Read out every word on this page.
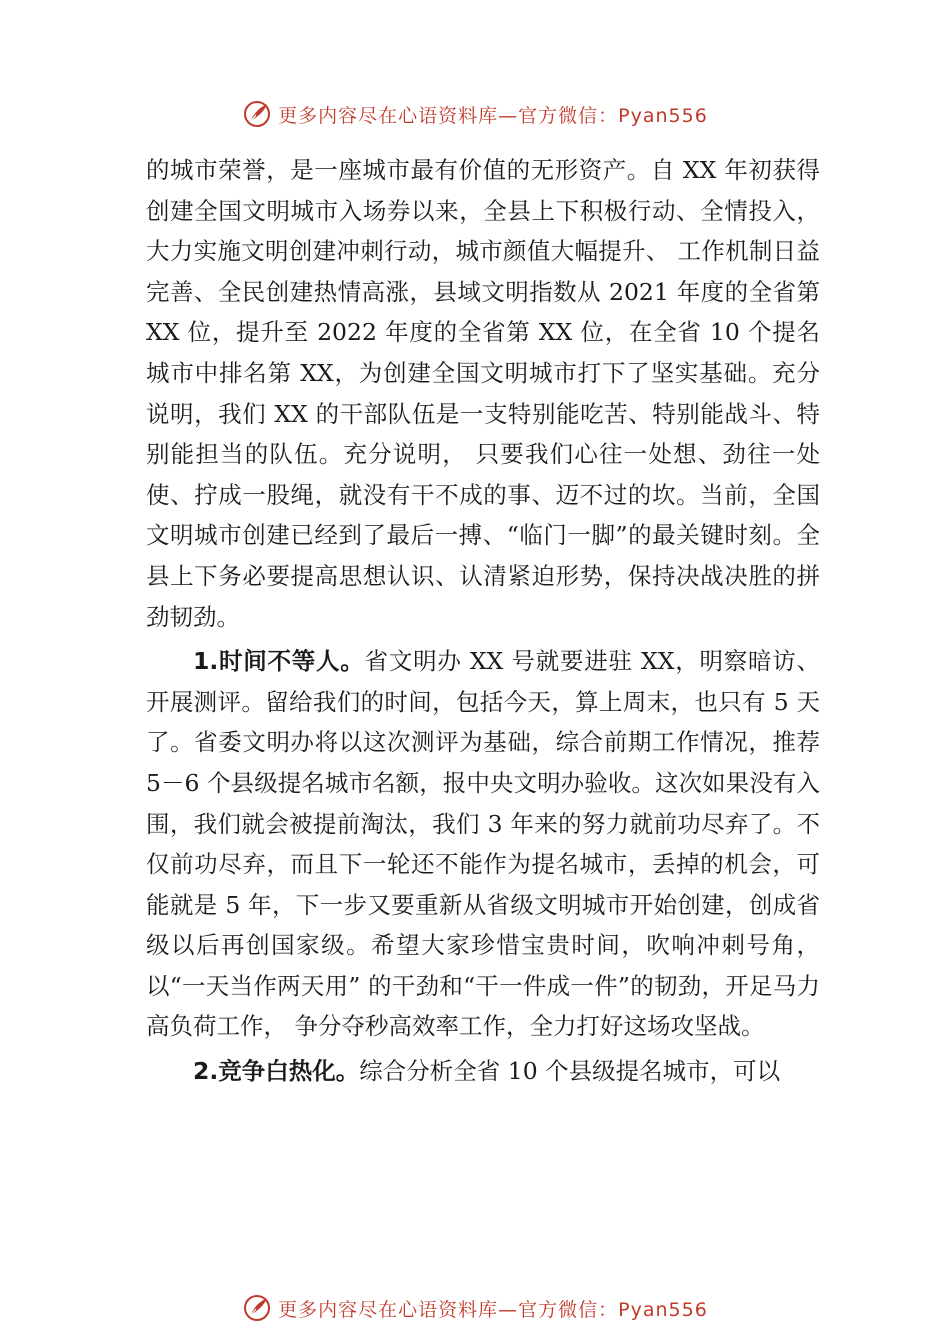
更多内容尽在心语资料库—官方微信：Pyan556

的城市荣誉，是一座城市最有价值的无形资产。自 XX 年初获得创建全国文明城市入场券以来，全县上下积极行动、全情投入，大力实施文明创建冲刺行动，城市颜值大幅提升、 工作机制日益完善、全民创建热情高涨，县域文明指数从 2021 年度的全省第 XX 位，提升至 2022 年度的全省第 XX 位，在全省 10 个提名城市中排名第 XX，为创建全国文明城市打下了坚实基础。充分说明，我们 XX 的干部队伍是一支特别能吃苦、特别能战斗、特别能担当的队伍。充分说明， 只要我们心往一处想、劲往一处使、拧成一股绳，就没有干不成的事、迈不过的坎。当前，全国文明城市创建已经到了最后一搏、“临门一脚”的最关键时刻。全县上下务必要提高思想认识、认清紧迫形势，保持决战决胜的拼劲韧劲。

1.时间不等人。省文明办 XX 号就要进驻 XX，明察暗访、开展测评。留给我们的时间，包括今天，算上周末，也只有 5 天了。省委文明办将以这次测评为基础，综合前期工作情况，推荐 5－6 个县级提名城市名额，报中央文明办验收。这次如果没有入围，我们就会被提前淘汰，我们 3 年来的努力就前功尽弃了。不仅前功尽弃，而且下一轮还不能作为提名城市，丢掉的机会，可能就是 5 年，下一步又要重新从省级文明城市开始创建，创成省级以后再创国家级。希望大家珍惜宝贵时间，吹响冲刺号角，以“一天当作两天用” 的干劲和“干一件成一件”的韧劲，开足马力高负荷工作， 争分夺秒高效率工作，全力打好这场攻坚战。

2.竞争白热化。综合分析全省 10 个县级提名城市，可以

更多内容尽在心语资料库—官方微信：Pyan556
